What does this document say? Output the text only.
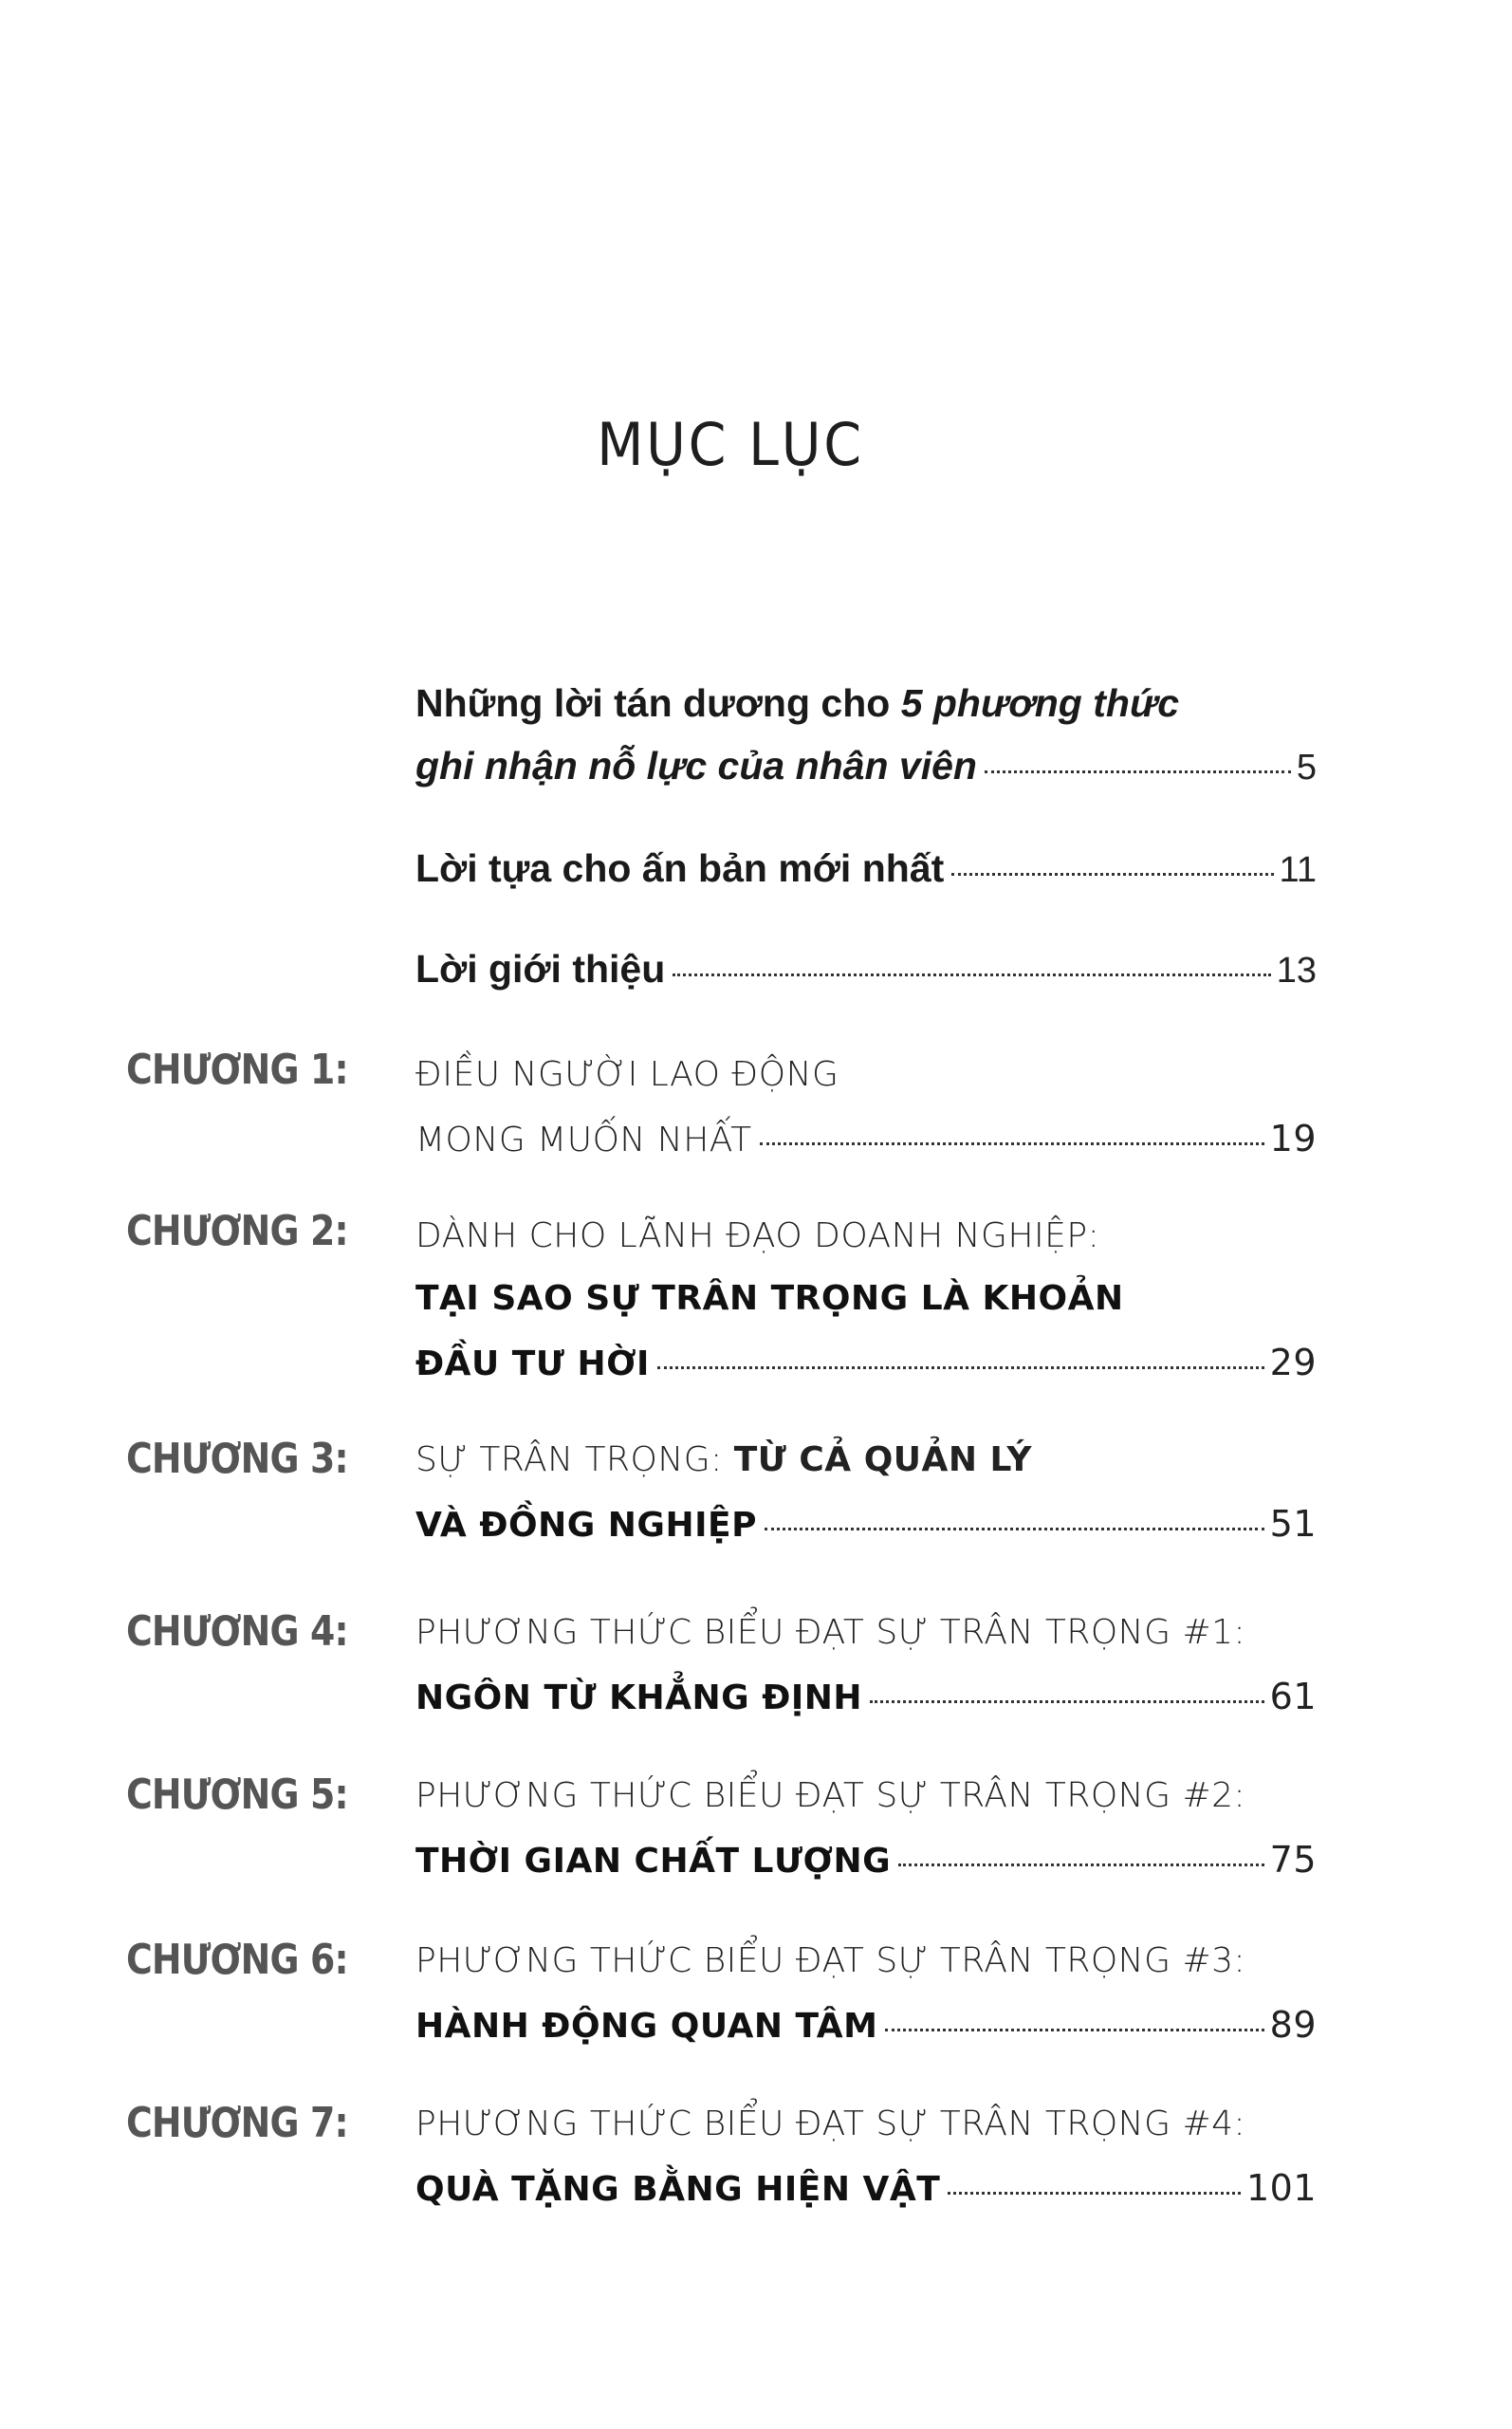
MỤC LỤC
Những lời tán dương cho 5 phương thức
ghi nhận nỗ lực của nhân viên	5
Lời tựa cho ấn bản mới nhất	11
Lời giới thiệu	13
CHƯƠNG 1: ĐIỀU NGƯỜI LAO ĐỘNG
MONG MUỐN NHẤT	19
CHƯƠNG 2: DÀNH CHO LÃNH ĐẠO DOANH NGHIỆP:
TẠI SAO SỰ TRÂN TRỌNG LÀ KHOẢN
ĐẦU TƯ HỜI	29
CHƯƠNG 3: SỰ TRÂN TRỌNG: TỪ CẢ QUẢN LÝ
VÀ ĐỒNG NGHIỆP	51
CHƯƠNG 4: PHƯƠNG THỨC BIỂU ĐẠT SỰ TRÂN TRỌNG #1:
NGÔN TỪ KHẲNG ĐỊNH	61
CHƯƠNG 5: PHƯƠNG THỨC BIỂU ĐẠT SỰ TRÂN TRỌNG #2:
THỜI GIAN CHẤT LƯỢNG	75
CHƯƠNG 6: PHƯƠNG THỨC BIỂU ĐẠT SỰ TRÂN TRỌNG #3:
HÀNH ĐỘNG QUAN TÂM	89
CHƯƠNG 7: PHƯƠNG THỨC BIỂU ĐẠT SỰ TRÂN TRỌNG #4:
QUÀ TẶNG BẰNG HIỆN VẬT	101
